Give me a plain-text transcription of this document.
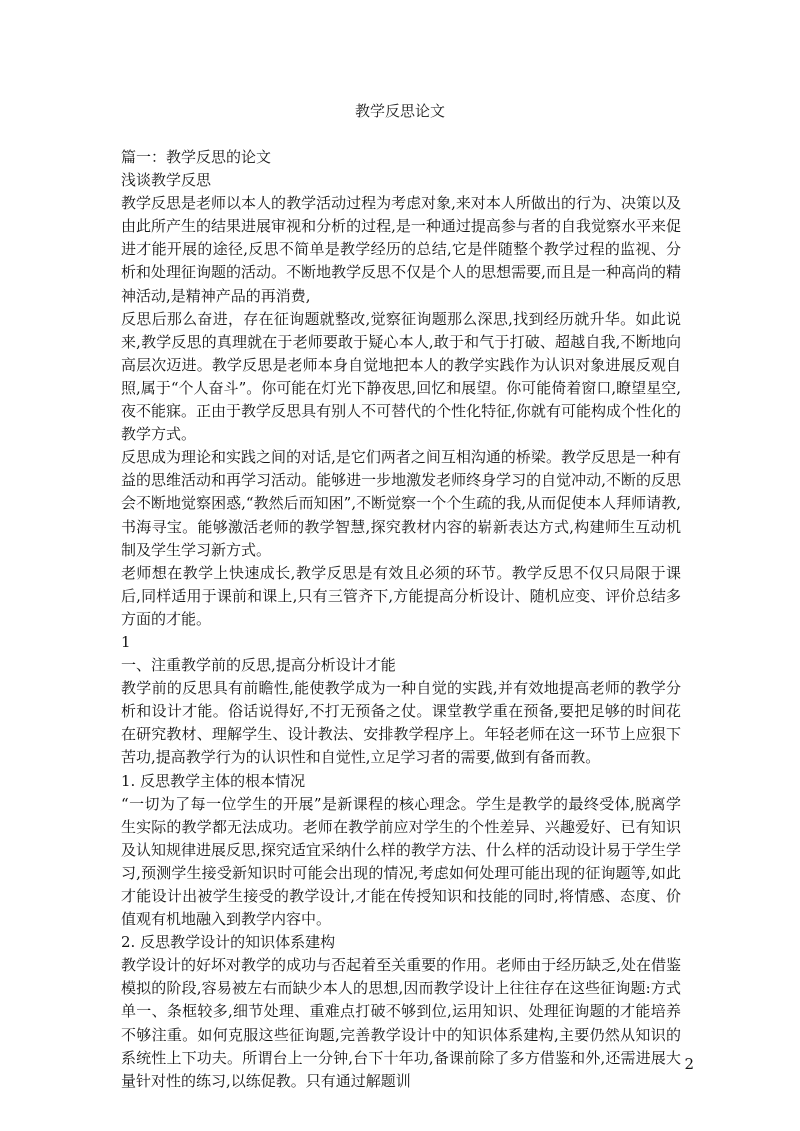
教学反思论文

篇一：教学反思的论文

浅谈教学反思

教学反思是老师以本人的教学活动过程为考虑对象,来对本人所做出的行为、决策以及由此所产生的结果进展审视和分析的过程,是一种通过提高参与者的自我觉察水平来促进才能开展的途径,反思不简单是教学经历的总结,它是伴随整个教学过程的监视、分析和处理征询题的活动。不断地教学反思不仅是个人的思想需要,而且是一种高尚的精神活动,是精神产品的再消费,

反思后那么奋进，存在征询题就整改,觉察征询题那么深思,找到经历就升华。如此说来,教学反思的真理就在于老师要敢于疑心本人,敢于和气于打破、超越自我,不断地向高层次迈进。教学反思是老师本身自觉地把本人的教学实践作为认识对象进展反观自照,属于“个人奋斗”。你可能在灯光下静夜思,回忆和展望。你可能倚着窗口,瞭望星空,夜不能寐。正由于教学反思具有别人不可替代的个性化特征,你就有可能构成个性化的教学方式。

反思成为理论和实践之间的对话,是它们两者之间互相沟通的桥梁。教学反思是一种有益的思维活动和再学习活动。能够进一步地激发老师终身学习的自觉冲动,不断的反思会不断地觉察困惑,“教然后而知困”,不断觉察一个个生疏的我,从而促使本人拜师请教,书海寻宝。能够激活老师的教学智慧,探究教材内容的崭新表达方式,构建师生互动机制及学生学习新方式。

老师想在教学上快速成长,教学反思是有效且必须的环节。教学反思不仅只局限于课后,同样适用于课前和课上,只有三管齐下,方能提高分析设计、随机应变、评价总结多方面的才能。

1

一、注重教学前的反思,提高分析设计才能

教学前的反思具有前瞻性,能使教学成为一种自觉的实践,并有效地提高老师的教学分析和设计才能。俗话说得好,不打无预备之仗。课堂教学重在预备,要把足够的时间花在研究教材、理解学生、设计教法、安排教学程序上。年轻老师在这一环节上应狠下苦功,提高教学行为的认识性和自觉性,立足学习者的需要,做到有备而教。

1. 反思教学主体的根本情况

“一切为了每一位学生的开展”是新课程的核心理念。学生是教学的最终受体,脱离学生实际的教学都无法成功。老师在教学前应对学生的个性差异、兴趣爱好、已有知识及认知规律进展反思,探究适宜采纳什么样的教学方法、什么样的活动设计易于学生学习,预测学生接受新知识时可能会出现的情况,考虑如何处理可能出现的征询题等,如此才能设计出被学生接受的教学设计,才能在传授知识和技能的同时,将情感、态度、价值观有机地融入到教学内容中。

2. 反思教学设计的知识体系建构

教学设计的好坏对教学的成功与否起着至关重要的作用。老师由于经历缺乏,处在借鉴模拟的阶段,容易被左右而缺少本人的思想,因而教学设计上往往存在这些征询题:方式单一、条框较多,细节处理、重难点打破不够到位,运用知识、处理征询题的才能培养不够注重。如何克服这些征询题,完善教学设计中的知识体系建构,主要仍然从知识的系统性上下功夫。所谓台上一分钟,台下十年功,备课前除了多方借鉴和外,还需进展大量针对性的练习,以练促教。只有通过解题训

2
